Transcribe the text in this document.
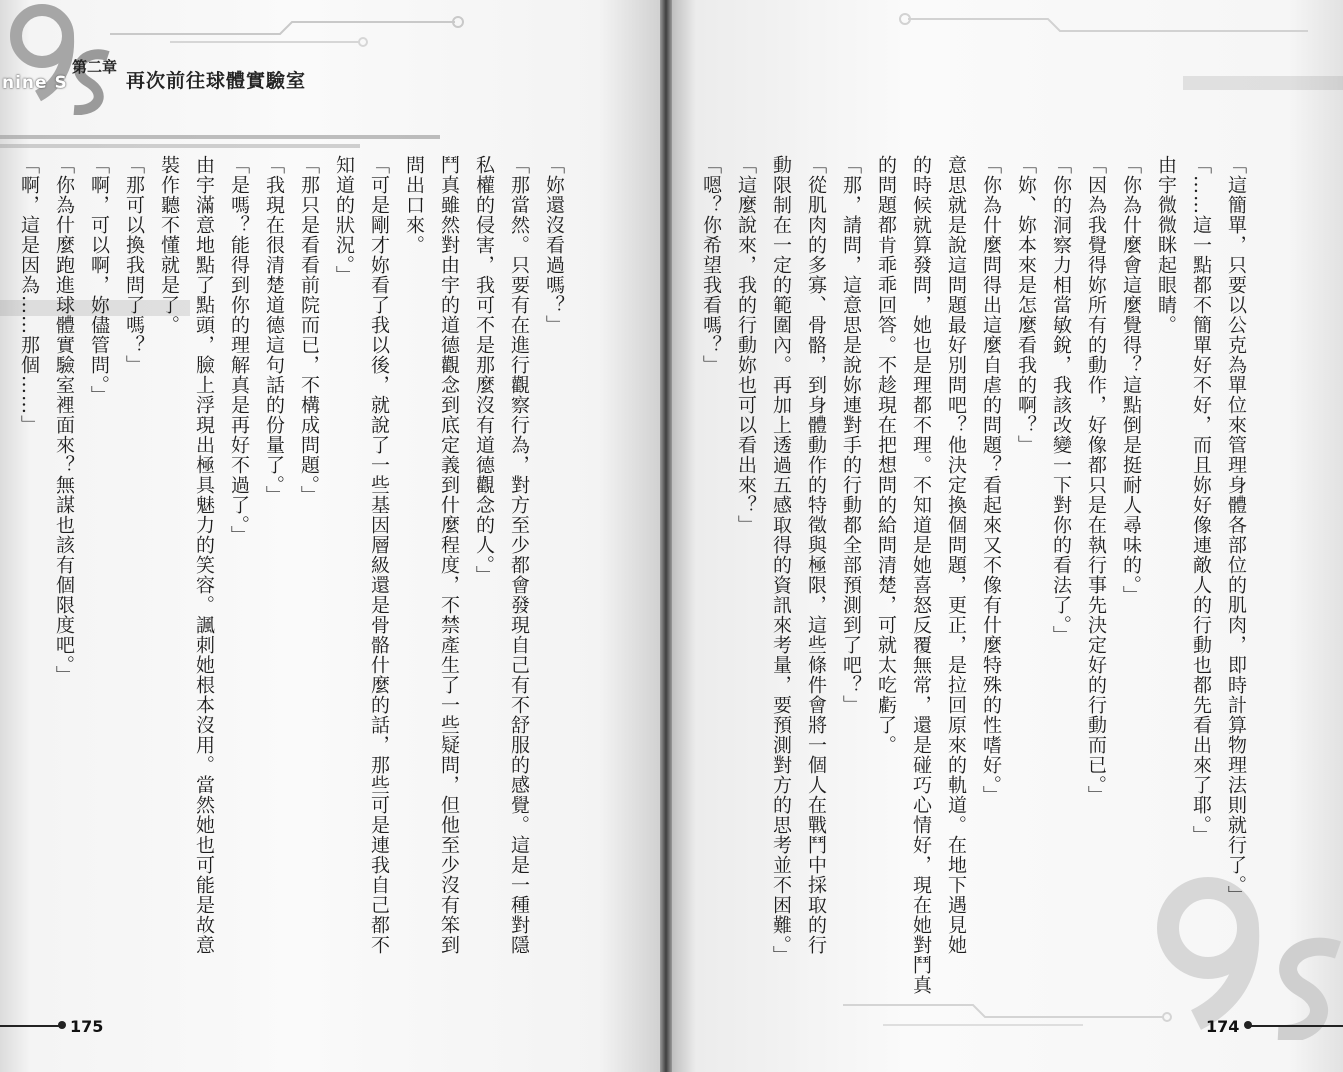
nine S
第二章
再次前往球體實驗室
「妳還沒看過嗎？」
「那當然。只要有在進行觀察行為，對方至少都會發現自己有不舒服的感覺。這是一種對隱
私權的侵害，我可不是那麼沒有道德觀念的人。」
鬥真雖然對由宇的道德觀念到底定義到什麼程度，不禁產生了一些疑問，但他至少沒有笨到
問出口來。
「可是剛才妳看了我以後，就說了一些基因層級還是骨骼什麼的話，那些可是連我自己都不
知道的狀況。」
「那只是看看前院而已，不構成問題。」
「我現在很清楚道德這句話的份量了。」
「是嗎？能得到你的理解真是再好不過了。」
由宇滿意地點了點頭，臉上浮現出極具魅力的笑容。諷刺她根本沒用。當然她也可能是故意
裝作聽不懂就是了。
「那可以換我問了嗎？」
「啊，可以啊，妳儘管問。」
「你為什麼跑進球體實驗室裡面來？無謀也該有個限度吧。」
「啊，這是因為……那個……」
175
「這簡單，只要以公克為單位來管理身體各部位的肌肉，即時計算物理法則就行了。」
「……這一點都不簡單好不好，而且妳好像連敵人的行動也都先看出來了耶。」
由宇微微眯起眼睛。
「你為什麼會這麼覺得？這點倒是挺耐人尋味的。」
「因為我覺得妳所有的動作，好像都只是在執行事先決定好的行動而已。」
「你的洞察力相當敏銳，我該改變一下對你的看法了。」
「妳、妳本來是怎麼看我的啊？」
「你為什麼問得出這麼自虐的問題？看起來又不像有什麼特殊的性嗜好。」
意思就是說這問題最好別問吧？他決定換個問題，更正，是拉回原來的軌道。在地下遇見她
的時候就算發問，她也是理都不理。不知道是她喜怒反覆無常，還是碰巧心情好，現在她對鬥真
的問題都肯乖乖回答。不趁現在把想問的給問清楚，可就太吃虧了。
「那，請問，這意思是說妳連對手的行動都全部預測到了吧？」
「從肌肉的多寡、骨骼，到身體動作的特徵與極限，這些條件會將一個人在戰鬥中採取的行
動限制在一定的範圍內。再加上透過五感取得的資訊來考量，要預測對方的思考並不困難。」
「這麼說來，我的行動妳也可以看出來？」
「嗯？你希望我看嗎？」
174
